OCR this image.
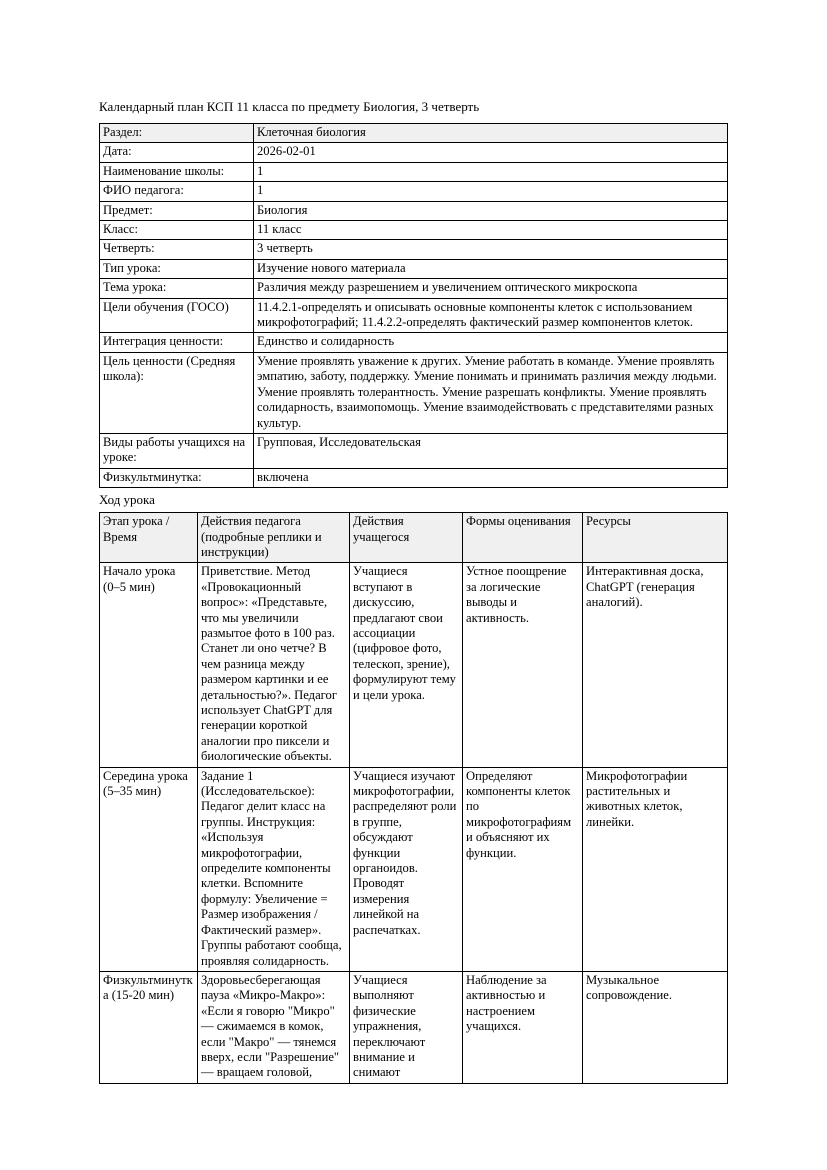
Календарный план КСП 11 класса по предмету Биология, 3 четверть
Раздел:	Клеточная биология
Дата:	2026-02-01
Наименование школы:	1
ФИО педагога:	1
Предмет:	Биология
Класс:	11 класс
Четверть:	3 четверть
Тип урока:	Изучение нового материала
Тема урока:	Различия между разрешением и увеличением оптического микроскопа
Цели обучения (ГОСО)	11.4.2.1-определять и описывать основные компоненты клеток с использованием микрофотографий; 11.4.2.2-определять фактический размер компонентов клеток.
Интеграция ценности:	Единство и солидарность
Цель ценности (Средняя школа):	Умение проявлять уважение к других. Умение работать в команде. Умение проявлять эмпатию, заботу, поддержку. Умение понимать и принимать различия между людьми. Умение проявлять толерантность. Умение разрешать конфликты. Умение проявлять солидарность, взаимопомощь. Умение взаимодействовать с представителями разных культур.
Виды работы учащихся на уроке:	Групповая, Исследовательская
Физкультминутка:	включена
Ход урока
Этап урока / Время	Действия педагога (подробные реплики и инструкции)	Действия учащегося	Формы оценивания	Ресурсы
Начало урока (0–5 мин)	Приветствие. Метод «Провокационный вопрос»: «Представьте, что мы увеличили размытое фото в 100 раз. Станет ли оно четче? В чем разница между размером картинки и ее детальностью?». Педагог использует ChatGPT для генерации короткой аналогии про пиксели и биологические объекты.	Учащиеся вступают в дискуссию, предлагают свои ассоциации (цифровое фото, телескоп, зрение), формулируют тему и цели урока.	Устное поощрение за логические выводы и активность.	Интерактивная доска, ChatGPT (генерация аналогий).
Середина урока (5–35 мин)	Задание 1 (Исследовательское): Педагог делит класс на группы. Инструкция: «Используя микрофотографии, определите компоненты клетки. Вспомните формулу: Увеличение = Размер изображения / Фактический размер». Группы работают сообща, проявляя солидарность.	Учащиеся изучают микрофотографии, распределяют роли в группе, обсуждают функции органоидов. Проводят измерения линейкой на распечатках.	Определяют компоненты клеток по микрофотографиям и объясняют их функции.	Микрофотографии растительных и животных клеток, линейки.
Физкультминутка (15-20 мин)	Здоровьесберегающая пауза «Микро-Макро»: «Если я говорю "Микро" — сжимаемся в комок, если "Макро" — тянемся вверх, если "Разрешение" — вращаем головой,	Учащиеся выполняют физические упражнения, переключают внимание и снимают	Наблюдение за активностью и настроением учащихся.	Музыкальное сопровождение.
